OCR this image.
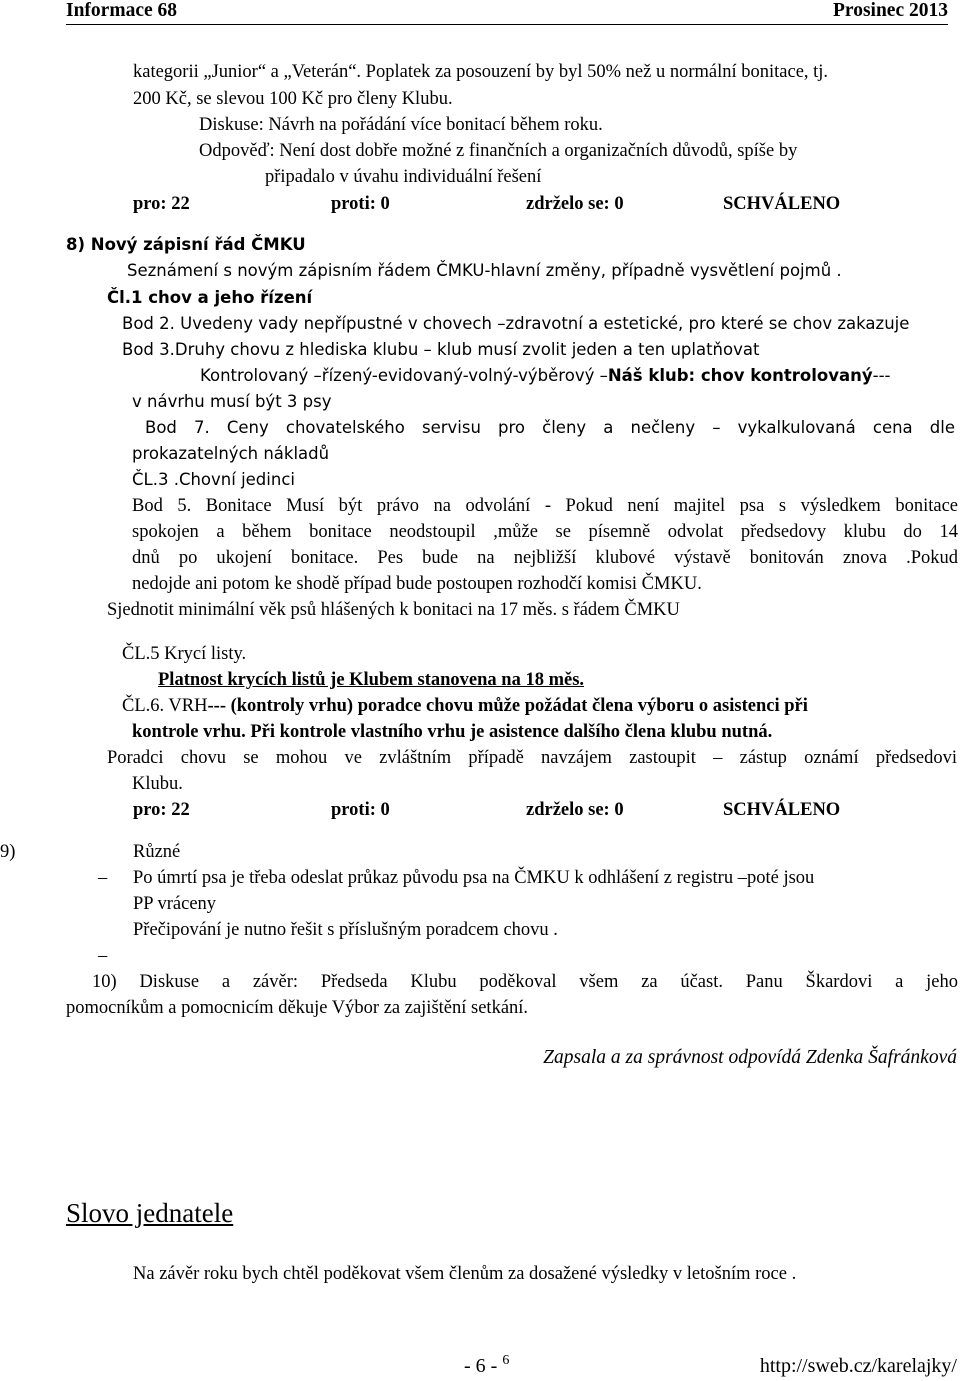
Informace 68	Prosinec 2013
kategorii „Junior“ a „Veterán“. Poplatek za posouzení by byl 50% než u normální bonitace, tj.
200 Kč, se slevou 100 Kč pro členy Klubu.
Diskuse: Návrh na pořádání více bonitací během roku.
Odpověď: Není dost dobře možné z finančních a organizačních důvodů, spíše by
připadalo v úvahu individuální řešení
pro: 22	proti: 0	zdrželo se: 0	SCHVÁLENO
8) Nový zápisní řád ČMKU
Seznámení s novým zápisním řádem ČMKU-hlavní změny, případně vysvětlení pojmů .
Čl.1 chov a jeho řízení
Bod 2. Uvedeny vady nepřípustné v chovech –zdravotní a estetické, pro které se chov zakazuje
Bod 3.Druhy chovu z hlediska klubu – klub musí zvolit jeden a ten uplatňovat
Kontrolovaný –řízený-evidovaný-volný-výběrový –Náš klub: chov kontrolovaný---
v návrhu musí být 3 psy
Bod 7. Ceny chovatelského servisu pro členy a nečleny – vykalkulovaná cena dle
prokazatelných nákladů
ČL.3 .Chovní jedinci
Bod 5. Bonitace Musí být právo na odvolání - Pokud není majitel psa s výsledkem bonitace
spokojen a během bonitace neodstoupil ,může se písemně odvolat předsedovy klubu do 14
dnů po ukojení bonitace. Pes bude na nejbližší klubové výstavě bonitován znova .Pokud
nedojde ani potom ke shodě případ bude postoupen rozhodčí komisi ČMKU.
Sjednotit minimální věk psů hlášených k bonitaci na 17 měs. s řádem ČMKU
ČL.5 Krycí listy.
Platnost krycích listů je Klubem stanovena na 18 měs.
ČL.6. VRH--- (kontroly vrhu) poradce chovu může požádat člena výboru o asistenci při
kontrole vrhu. Při kontrole vlastního vrhu je asistence dalšího člena klubu nutná.
Poradci chovu se mohou ve zvláštním případě navzájem zastoupit – zástup oznámí předsedovi
Klubu.
pro: 22	proti: 0	zdrželo se: 0	SCHVÁLENO
9)	Různé
– Po úmrtí psa je třeba odeslat průkaz původu psa na ČMKU k odhlášení z registru –poté jsou
PP vráceny
Přečipování je nutno řešit s příslušným poradcem chovu .
–
10) Diskuse a závěr: Předseda Klubu poděkoval všem za účast. Panu Škardovi a jeho
pomocníkům a pomocnicím děkuje Výbor za zajištění setkání.
Zapsala a za správnost odpovídá Zdenka Šafránková
Slovo jednatele
Na závěr roku bych chtěl poděkovat všem členům za dosažené výsledky v letošním roce .
- 6 - $^6$	http://sweb.cz/karelajky/
